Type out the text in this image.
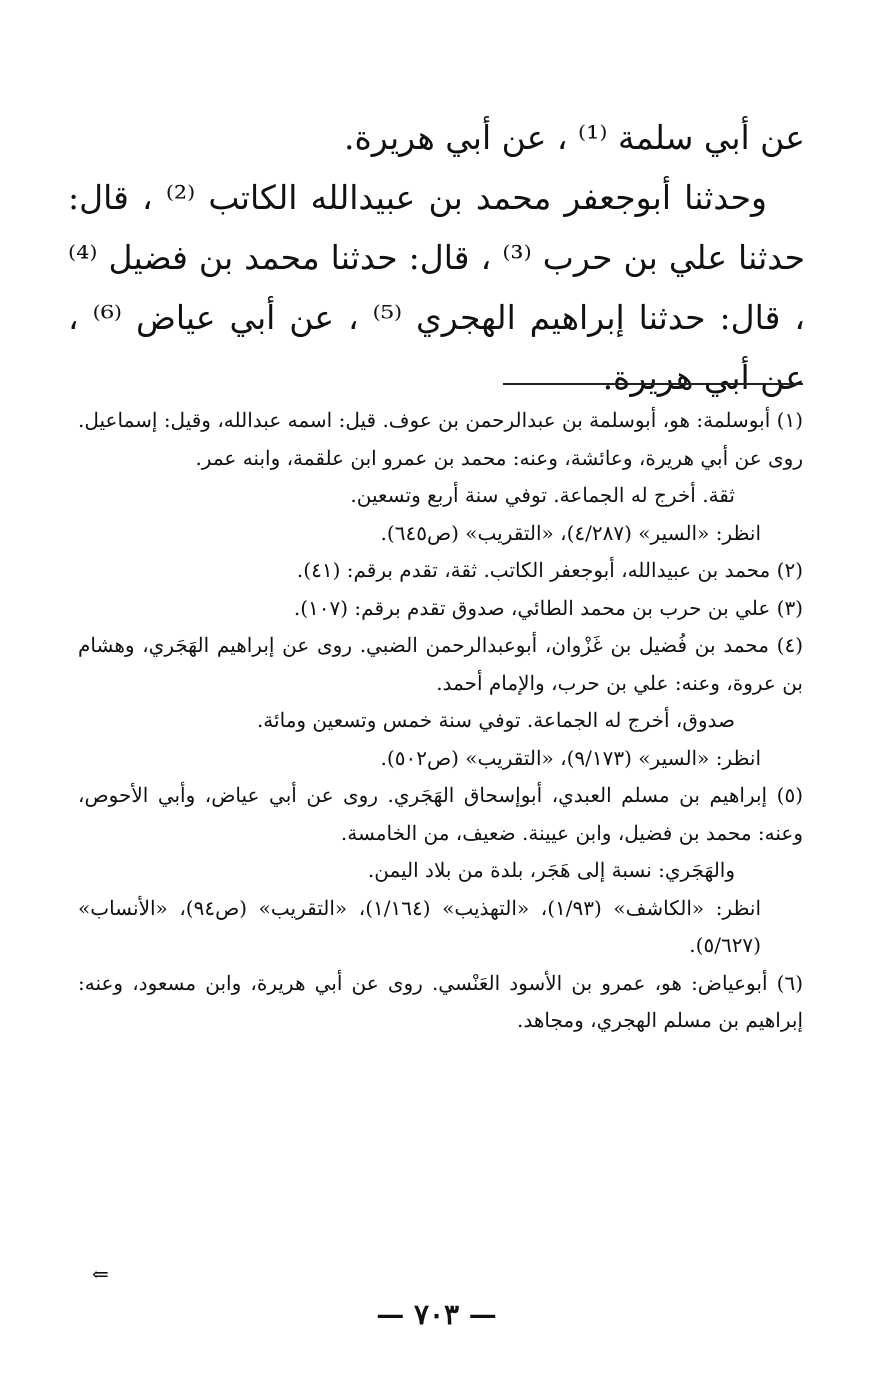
عن أبي سلمة ⁽¹⁾ ، عن أبي هريرة.

وحدثنا أبوجعفر محمد بن عبيدالله الكاتب ⁽²⁾ ، قال: حدثنا علي بن حرب ⁽³⁾ ، قال: حدثنا محمد بن فضيل ⁽⁴⁾ ، قال: حدثنا إبراهيم الهجري ⁽⁵⁾ ، عن أبي عياض ⁽⁶⁾ ، عن أبي هريرة.

(١) أبوسلمة: هو، أبوسلمة بن عبدالرحمن بن عوف. قيل: اسمه عبدالله، وقيل: إسماعيل. روى عن أبي هريرة، وعائشة، وعنه: محمد بن عمرو ابن علقمة، وابنه عمر.
ثقة. أخرج له الجماعة. توفي سنة أربع وتسعين.
انظر: «السير» (٤/٢٨٧)، «التقريب» (ص٦٤٥).
(٢) محمد بن عبيدالله، أبوجعفر الكاتب. ثقة، تقدم برقم: (٤١).
(٣) علي بن حرب بن محمد الطائي، صدوق تقدم برقم: (١٠٧).
(٤) محمد بن فُضيل بن غَزْوان، أبوعبدالرحمن الضبي. روى عن إبراهيم الهَجَري، وهشام بن عروة، وعنه: علي بن حرب، والإمام أحمد.
صدوق، أخرج له الجماعة. توفي سنة خمس وتسعين ومائة.
انظر: «السير» (٩/١٧٣)، «التقريب» (ص٥٠٢).
(٥) إبراهيم بن مسلم العبدي، أبوإسحاق الهَجَري. روى عن أبي عياض، وأبي الأحوص، وعنه: محمد بن فضيل، وابن عيينة. ضعيف، من الخامسة.
والهَجَري: نسبة إلى هَجَر، بلدة من بلاد اليمن.
انظر: «الكاشف» (١/٩٣)، «التهذيب» (١/١٦٤)، «التقريب» (ص٩٤)، «الأنساب» (٥/٦٢٧).
(٦) أبوعياض: هو، عمرو بن الأسود العَنْسي. روى عن أبي هريرة، وابن مسعود، وعنه: إبراهيم بن مسلم الهجري، ومجاهد.
⇐
— ٧٠٣ —
